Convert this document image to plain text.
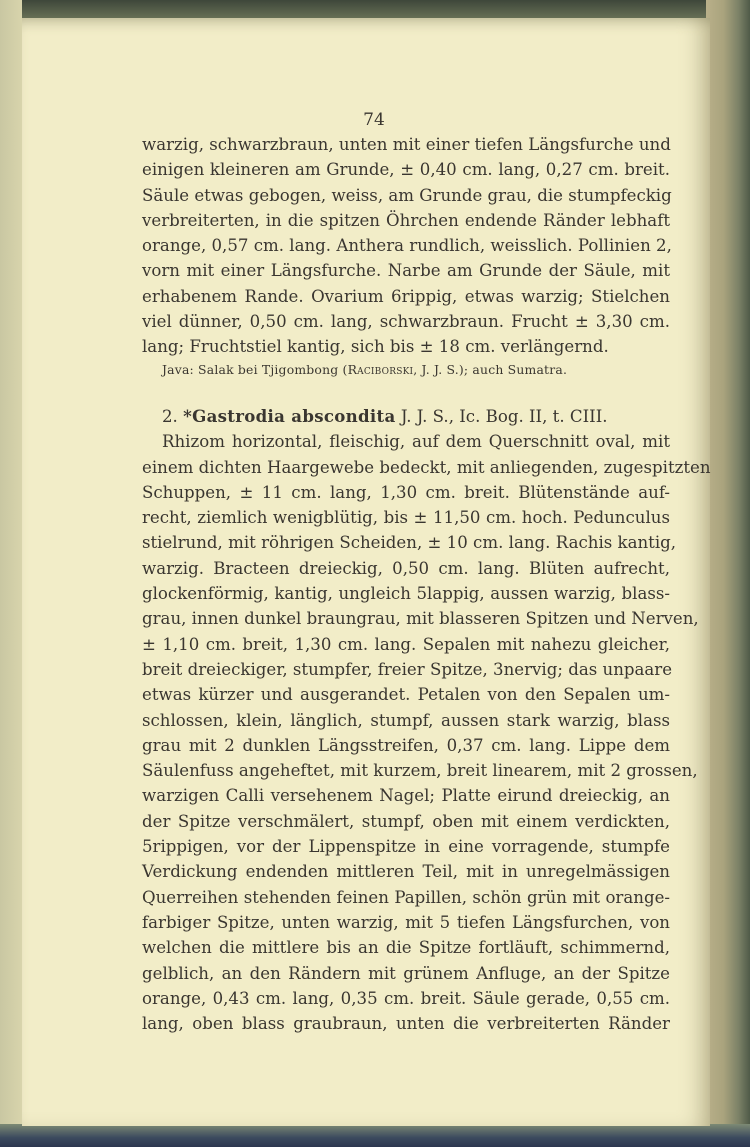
74
warzig, schwarzbraun, unten mit einer tiefen Längsfurche und
einigen kleineren am Grunde, ± 0,40 cm. lang, 0,27 cm. breit.
Säule etwas gebogen, weiss, am Grunde grau, die stumpfeckig
verbreiterten, in die spitzen Öhrchen endende Ränder lebhaft
orange, 0,57 cm. lang. Anthera rundlich, weisslich. Pollinien 2,
vorn mit einer Längsfurche. Narbe am Grunde der Säule, mit
erhabenem Rande. Ovarium 6rippig, etwas warzig; Stielchen
viel dünner, 0,50 cm. lang, schwarzbraun. Frucht ± 3,30 cm.
lang; Fruchtstiel kantig, sich bis ± 18 cm. verlängernd.
Java: Salak bei Tjigombong (Raciborski, J. J. S.); auch Sumatra.
2. *Gastrodia abscondita J. J. S., Ic. Bog. II, t. CIII.
Rhizom horizontal, fleischig, auf dem Querschnitt oval, mit
einem dichten Haargewebe bedeckt, mit anliegenden, zugespitzten
Schuppen, ± 11 cm. lang, 1,30 cm. breit. Blütenstände auf-
recht, ziemlich wenigblütig, bis ± 11,50 cm. hoch. Pedunculus
stielrund, mit röhrigen Scheiden, ± 10 cm. lang. Rachis kantig,
warzig. Bracteen dreieckig, 0,50 cm. lang. Blüten aufrecht,
glockenförmig, kantig, ungleich 5lappig, aussen warzig, blass-
grau, innen dunkel braungrau, mit blasseren Spitzen und Nerven,
± 1,10 cm. breit, 1,30 cm. lang. Sepalen mit nahezu gleicher,
breit dreieckiger, stumpfer, freier Spitze, 3nervig; das unpaare
etwas kürzer und ausgerandet. Petalen von den Sepalen um-
schlossen, klein, länglich, stumpf, aussen stark warzig, blass
grau mit 2 dunklen Längsstreifen, 0,37 cm. lang. Lippe dem
Säulenfuss angeheftet, mit kurzem, breit linearem, mit 2 grossen,
warzigen Calli versehenem Nagel; Platte eirund dreieckig, an
der Spitze verschmälert, stumpf, oben mit einem verdickten,
5rippigen, vor der Lippenspitze in eine vorragende, stumpfe
Verdickung endenden mittleren Teil, mit in unregelmässigen
Querreihen stehenden feinen Papillen, schön grün mit orange-
farbiger Spitze, unten warzig, mit 5 tiefen Längsfurchen, von
welchen die mittlere bis an die Spitze fortläuft, schimmernd,
gelblich, an den Rändern mit grünem Anfluge, an der Spitze
orange, 0,43 cm. lang, 0,35 cm. breit. Säule gerade, 0,55 cm.
lang, oben blass graubraun, unten die verbreiterten Ränder
